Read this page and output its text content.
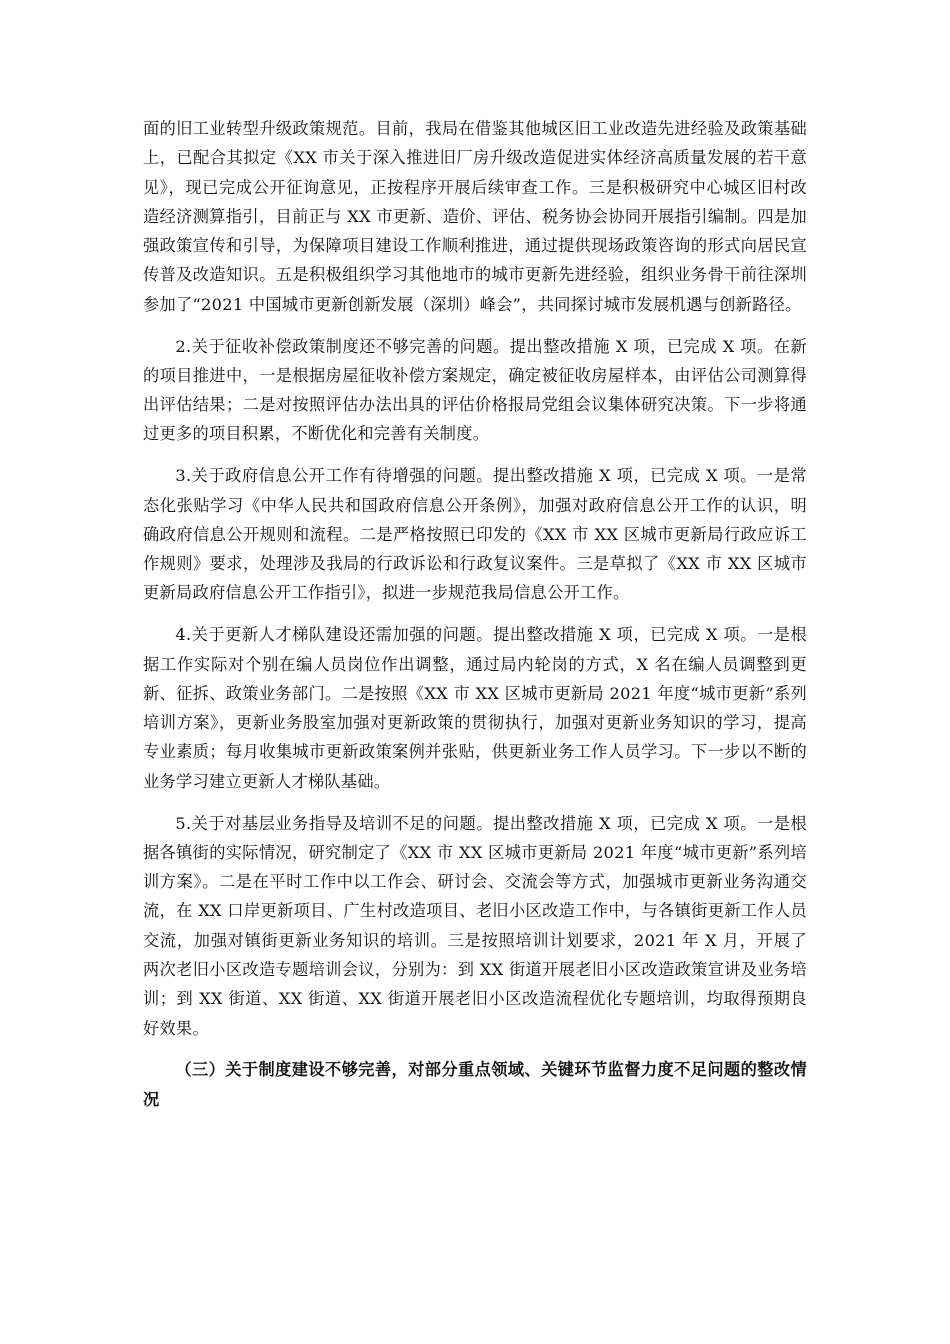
面的旧工业转型升级政策规范。目前，我局在借鉴其他城区旧工业改造先进经验及政策基础上，已配合其拟定《XX 市关于深入推进旧厂房升级改造促进实体经济高质量发展的若干意见》，现已完成公开征询意见，正按程序开展后续审查工作。三是积极研究中心城区旧村改造经济测算指引，目前正与 XX 市更新、造价、评估、税务协会协同开展指引编制。四是加强政策宣传和引导，为保障项目建设工作顺利推进，通过提供现场政策咨询的形式向居民宣传普及改造知识。五是积极组织学习其他地市的城市更新先进经验，组织业务骨干前往深圳参加了“2021 中国城市更新创新发展（深圳）峰会”，共同探讨城市发展机遇与创新路径。

2.关于征收补偿政策制度还不够完善的问题。提出整改措施 X 项，已完成 X 项。在新的项目推进中，一是根据房屋征收补偿方案规定，确定被征收房屋样本，由评估公司测算得出评估结果；二是对按照评估办法出具的评估价格报局党组会议集体研究决策。下一步将通过更多的项目积累，不断优化和完善有关制度。

3.关于政府信息公开工作有待增强的问题。提出整改措施 X 项，已完成 X 项。一是常态化张贴学习《中华人民共和国政府信息公开条例》，加强对政府信息公开工作的认识，明确政府信息公开规则和流程。二是严格按照已印发的《XX 市 XX 区城市更新局行政应诉工作规则》要求，处理涉及我局的行政诉讼和行政复议案件。三是草拟了《XX 市 XX 区城市更新局政府信息公开工作指引》，拟进一步规范我局信息公开工作。

4.关于更新人才梯队建设还需加强的问题。提出整改措施 X 项，已完成 X 项。一是根据工作实际对个别在编人员岗位作出调整，通过局内轮岗的方式，X 名在编人员调整到更新、征拆、政策业务部门。二是按照《XX 市 XX 区城市更新局 2021 年度“城市更新”系列培训方案》，更新业务股室加强对更新政策的贯彻执行，加强对更新业务知识的学习，提高专业素质；每月收集城市更新政策案例并张贴，供更新业务工作人员学习。下一步以不断的业务学习建立更新人才梯队基础。

5.关于对基层业务指导及培训不足的问题。提出整改措施 X 项，已完成 X 项。一是根据各镇街的实际情况，研究制定了《XX 市 XX 区城市更新局 2021 年度“城市更新”系列培训方案》。二是在平时工作中以工作会、研讨会、交流会等方式，加强城市更新业务沟通交流，在 XX 口岸更新项目、广生村改造项目、老旧小区改造工作中，与各镇街更新工作人员交流，加强对镇街更新业务知识的培训。三是按照培训计划要求，2021 年 X 月，开展了两次老旧小区改造专题培训会议，分别为：到 XX 街道开展老旧小区改造政策宣讲及业务培训；到 XX 街道、XX 街道、XX 街道开展老旧小区改造流程优化专题培训，均取得预期良好效果。

（三）关于制度建设不够完善，对部分重点领域、关键环节监督力度不足问题的整改情况
